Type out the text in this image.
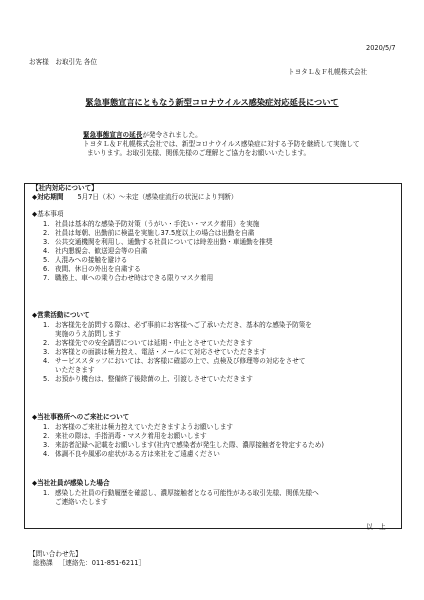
2020/5/7
お客様　お取引先 各位
トヨタＬ＆Ｆ札幌株式会社
緊急事態宣言にともなう新型コロナウイルス感染症対応延長について
緊急事態宣言の延長が発令されました。
トヨタＬ＆Ｆ札幌株式会社では、新型コロナウイルス感染症に対する予防を継続して実施して
まいります。お取引先様、関係先様のご理解とご協力をお願いいたします。
【社内対応について】
◆対応期間 5月7日（木）～未定（感染症流行の状況により判断）
◆基本事項
1. 社員は基本的な感染予防対策（うがい・手洗い・マスク着用）を実施
2. 社員は毎朝、出勤前に検温を実施し37.5度以上の場合は出勤を自粛
3. 公共交通機関を利用し、通勤する社員については時差出勤・車通勤を推奨
4. 社内懇親会、歓送迎会等の自粛
5. 人混みへの接触を避ける
6. 夜間、休日の外出を自粛する
7. 職務上、車への乗り合わせ時はできる限りマスク着用
◆営業活動について
1. お客様先を訪問する際は、必ず事前にお客様へご了承いただき、基本的な感染予防策を
実施のうえ訪問します
2. お客様先での安全講習については延期・中止とさせていただきます
3. お客様との面談は極力控え、電話・メールにて対応させていただきます
4. サービススタッフにおいては、お客様に確認の上で、点検及び修理等の対応をさせて
いただきます
5. お預かり機台は、整備終了後除菌の上、引渡しさせていただきます
◆当社事務所へのご来社について
1. お客様のご来社は極力控えていただきますようお願いします
2. 来社の際は、手指消毒・マスク着用をお願いします
3. 来訪者記録へ記載をお願いします(社内で感染者が発生した際、濃厚接触者を特定するため)
4. 体調不良や風邪の症状がある方は来社をご遠慮ください
◆当社社員が感染した場合
1. 感染した社員の行動履歴を確認し、濃厚接触者となる可能性がある取引先様、関係先様へ
ご連絡いたします
以　上
【問い合わせ先】
総務課 ［連絡先：011-851-6211］
